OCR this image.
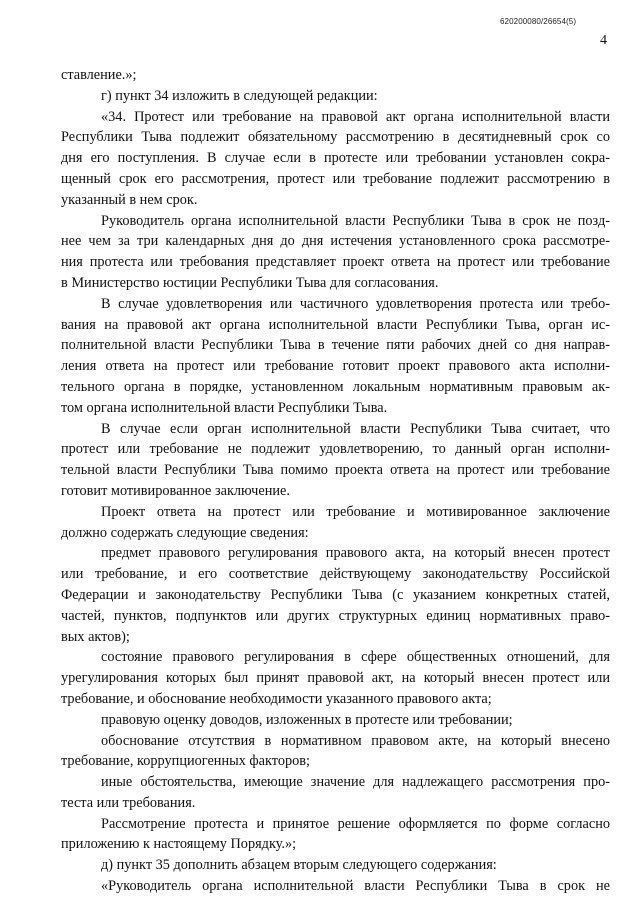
620200080/26654(5)
4
ставление.»;
г) пункт 34 изложить в следующей редакции:
«34. Протест или требование на правовой акт органа исполнительной власти
Республики Тыва подлежит обязательному рассмотрению в десятидневный срок со
дня его поступления. В случае если в протесте или требовании установлен сокра-
щенный срок его рассмотрения, протест или требование подлежит рассмотрению в
указанный в нем срок.
Руководитель органа исполнительной власти Республики Тыва в срок не позд-
нее чем за три календарных дня до дня истечения установленного срока рассмотре-
ния протеста или требования представляет проект ответа на протест или требование
в Министерство юстиции Республики Тыва для согласования.
В случае удовлетворения или частичного удовлетворения протеста или требо-
вания на правовой акт органа исполнительной власти Республики Тыва, орган ис-
полнительной власти Республики Тыва в течение пяти рабочих дней со дня направ-
ления ответа на протест или требование готовит проект правового акта исполни-
тельного органа в порядке, установленном локальным нормативным правовым ак-
том органа исполнительной власти Республики Тыва.
В случае если орган исполнительной власти Республики Тыва считает, что
протест или требование не подлежит удовлетворению, то данный орган исполни-
тельной власти Республики Тыва помимо проекта ответа на протест или требование
готовит мотивированное заключение.
Проект ответа на протест или требование и мотивированное заключение
должно содержать следующие сведения:
предмет правового регулирования правового акта, на который внесен протест
или требование, и его соответствие действующему законодательству Российской
Федерации и законодательству Республики Тыва (с указанием конкретных статей,
частей, пунктов, подпунктов или других структурных единиц нормативных право-
вых актов);
состояние правового регулирования в сфере общественных отношений, для
урегулирования которых был принят правовой акт, на который внесен протест или
требование, и обоснование необходимости указанного правового акта;
правовую оценку доводов, изложенных в протесте или требовании;
обоснование отсутствия в нормативном правовом акте, на который внесено
требование, коррупциогенных факторов;
иные обстоятельства, имеющие значение для надлежащего рассмотрения про-
теста или требования.
Рассмотрение протеста и принятое решение оформляется по форме согласно
приложению к настоящему Порядку.»;
д) пункт 35 дополнить абзацем вторым следующего содержания:
«Руководитель органа исполнительной власти Республики Тыва в срок не
